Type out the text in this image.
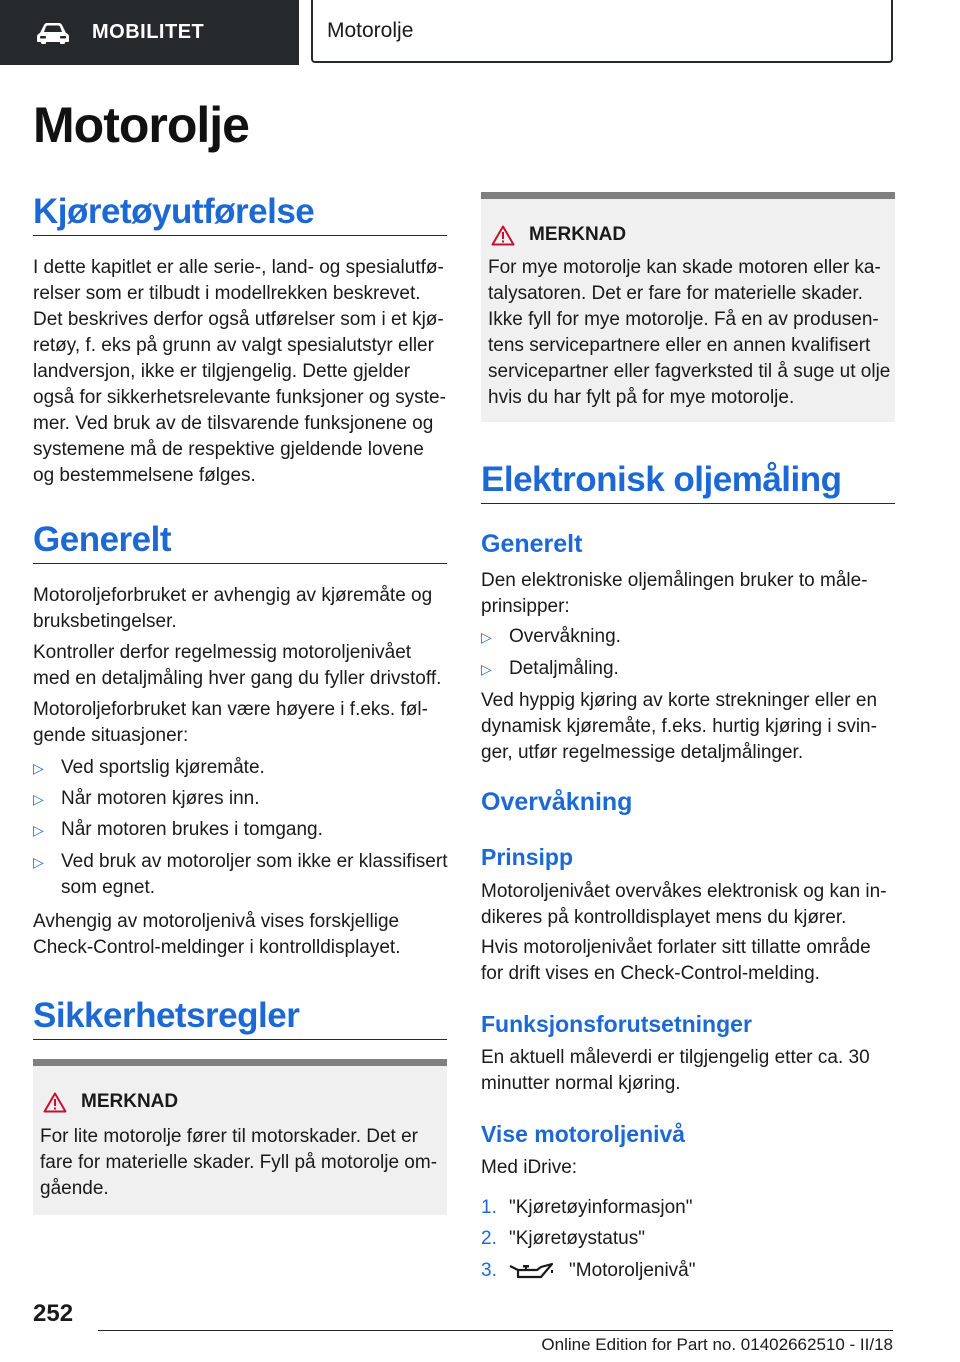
MOBILITET	Motorolje
Motorolje
Kjøretøyutførelse

I dette kapitlet er alle serie-, land- og spesialutfø-relser som er tilbudt i modellrekken beskrevet. Det beskrives derfor også utførelser som i et kjø-retøy, f. eks på grunn av valgt spesialutstyr eller landversjon, ikke er tilgjengelig. Dette gjelder også for sikkerhetsrelevante funksjoner og syste-mer. Ved bruk av de tilsvarende funksjonene og systemene må de respektive gjeldende lovene og bestemmelsene følges.

Generelt

Motoroljeforbruket er avhengig av kjøremåte og bruksbetingelser.

Kontroller derfor regelmessig motoroljenivået med en detaljmåling hver gang du fyller drivstoff.

Motoroljeforbruket kan være høyere i f.eks. føl-gende situasjoner:

▷ Ved sportslig kjøremåte.
▷ Når motoren kjøres inn.
▷ Når motoren brukes i tomgang.
▷ Ved bruk av motoroljer som ikke er klassifisert som egnet.

Avhengig av motoroljenivå vises forskjellige Check-Control-meldinger i kontrolldisplayet.

Sikkerhetsregler
MERKNAD

For lite motorolje fører til motorskader. Det er fare for materielle skader. Fyll på motorolje om-gående.

MERKNAD

For mye motorolje kan skade motoren eller ka-talysatoren. Det er fare for materielle skader. Ikke fyll for mye motorolje. Få en av produsen-tens servicepartnere eller en annen kvalifisert servicepartner eller fagverksted til å suge ut olje hvis du har fylt på for mye motorolje.

Elektronisk oljemåling
Generelt

Den elektroniske oljemålingen bruker to måle-prinsipper:

▷ Overvåkning.
▷ Detaljmåling.

Ved hyppig kjøring av korte strekninger eller en dynamisk kjøremåte, f.eks. hurtig kjøring i svin-ger, utfør regelmessige detaljmålinger.

Overvåkning
Prinsipp

Motoroljenivået overvåkes elektronisk og kan in-dikeres på kontrolldisplayet mens du kjører.

Hvis motoroljenivået forlater sitt tillatte område for drift vises en Check-Control-melding.

Funksjonsforutsetninger

En aktuell måleverdi er tilgjengelig etter ca. 30 minutter normal kjøring.

Vise motoroljenivå

Med iDrive:

1. "Kjøretøyinformasjon"
2. "Kjøretøystatus"
3.	"Motoroljenivå"

252

Online Edition for Part no. 01402662510 - II/18
